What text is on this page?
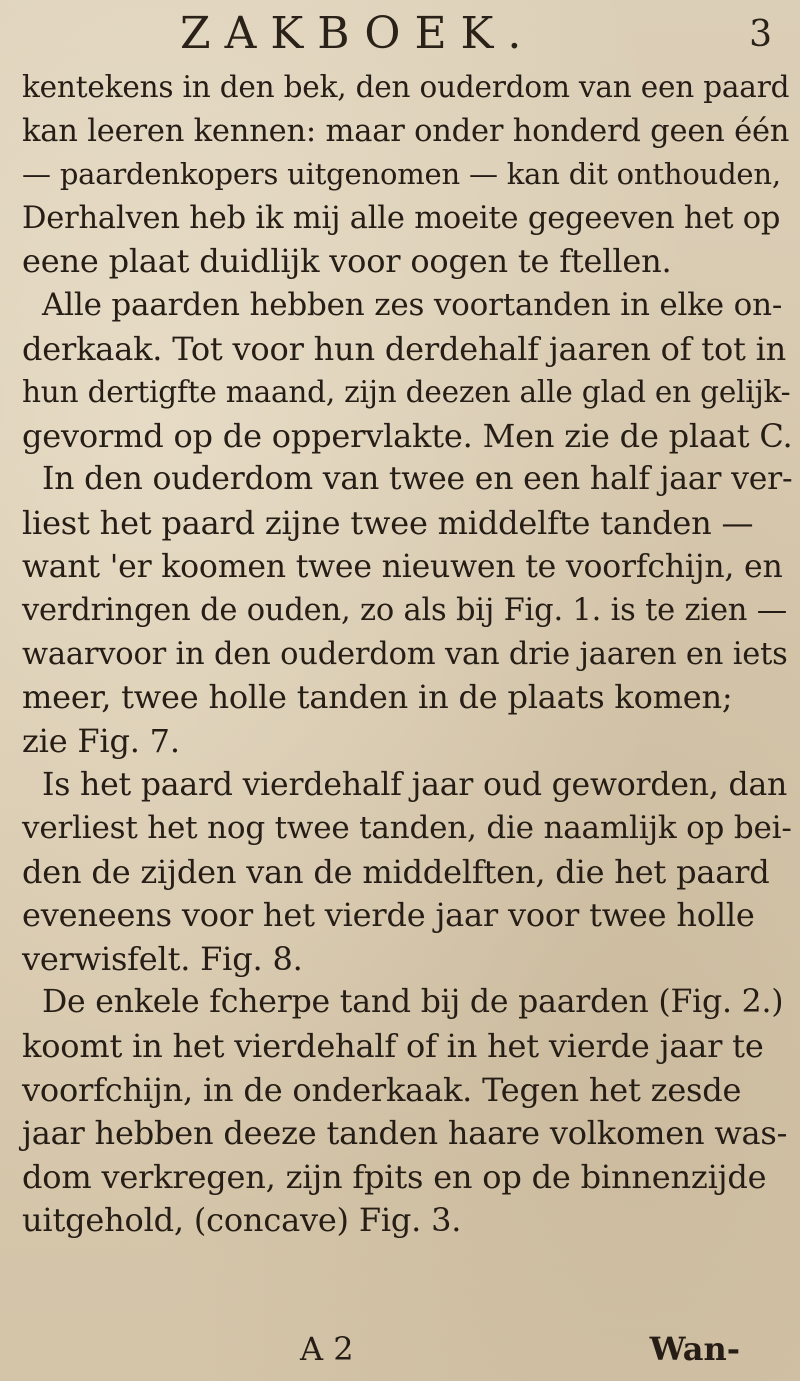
ZAKBOEK.	3
kentekens in den bek, den ouderdom van een paard
kan leeren kennen: maar onder honderd geen één
— paardenkopers uitgenomen — kan dit onthouden,
Derhalven heb ik mij alle moeite gegeeven het op
eene plaat duidlijk voor oogen te ftellen.
Alle paarden hebben zes voortanden in elke on-
derkaak. Tot voor hun derdehalf jaaren of tot in
hun dertigfte maand, zijn deezen alle glad en gelijk-
gevormd op de oppervlakte. Men zie de plaat C.
In den ouderdom van twee en een half jaar ver-
liest het paard zijne twee middelfte tanden —
want 'er koomen twee nieuwen te voorfchijn, en
verdringen de ouden, zo als bij Fig. 1. is te zien —
waarvoor in den ouderdom van drie jaaren en iets
meer, twee holle tanden in de plaats komen;
zie Fig. 7.
Is het paard vierdehalf jaar oud geworden, dan
verliest het nog twee tanden, die naamlijk op bei-
den de zijden van de middelften, die het paard
eveneens voor het vierde jaar voor twee holle
verwisfelt. Fig. 8.
De enkele fcherpe tand bij de paarden (Fig. 2.)
koomt in het vierdehalf of in het vierde jaar te
voorfchijn, in de onderkaak. Tegen het zesde
jaar hebben deeze tanden haare volkomen was-
dom verkregen, zijn fpits en op de binnenzijde
uitgehold, (concave) Fig. 3.
A 2	Wan-
